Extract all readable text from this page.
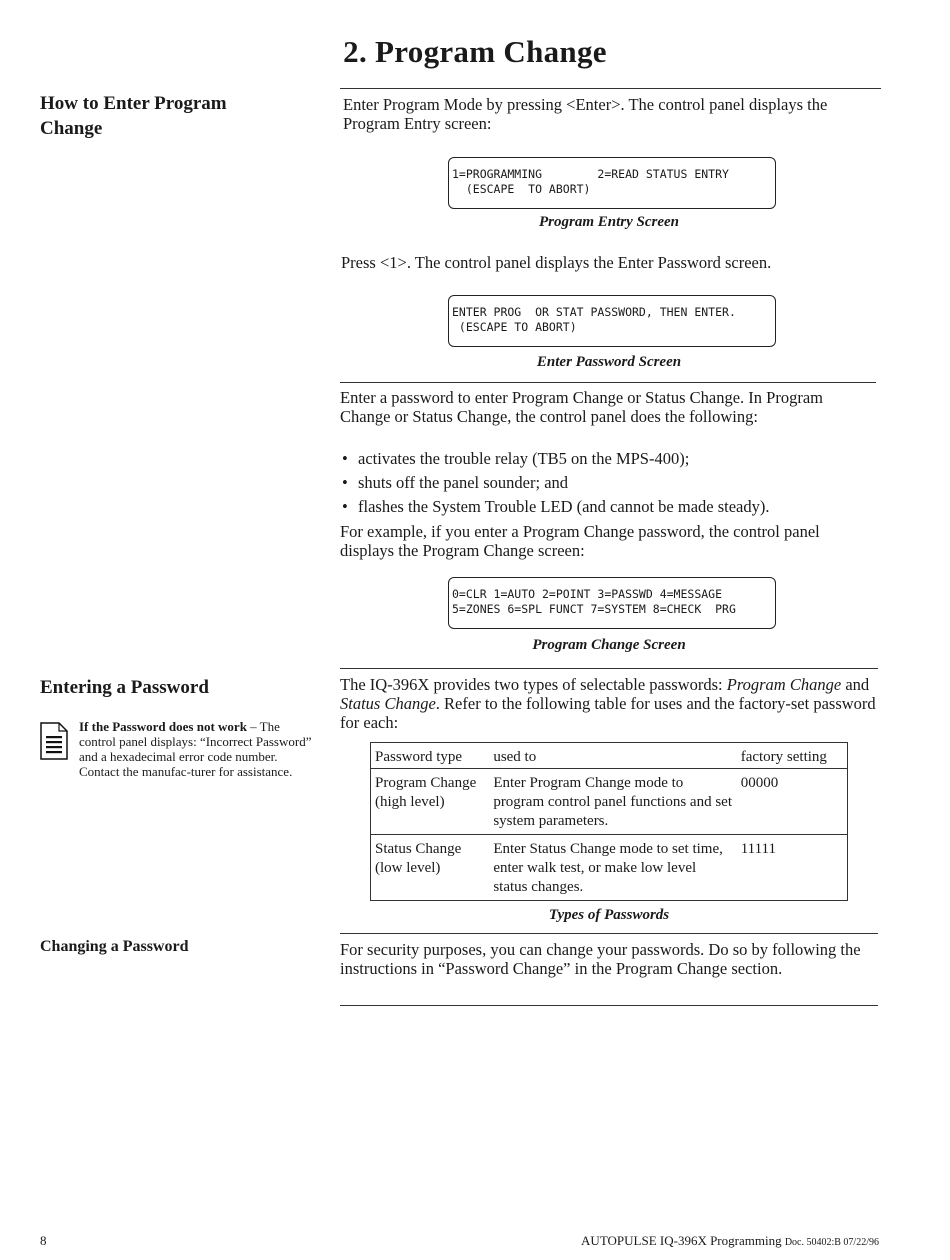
2. Program Change
How to Enter Program Change
Enter Program Mode by pressing <Enter>. The control panel displays the Program Entry screen:
1=PROGRAMMING        2=READ STATUS ENTRY
(ESCAPE  TO ABORT)
Program Entry Screen
Press <1>. The control panel displays the Enter Password screen.
ENTER PROG  OR STAT PASSWORD, THEN ENTER.
(ESCAPE TO ABORT)
Enter Password Screen
Enter a password to enter Program Change or Status Change. In Program Change or Status Change, the control panel does the following:
• activates the trouble relay (TB5 on the MPS-400);
• shuts off the panel sounder; and
• flashes the System Trouble LED (and cannot be made steady).
For example, if you enter a Program Change password, the control panel displays the Program Change screen:
0=CLR 1=AUTO 2=POINT 3=PASSWD 4=MESSAGE
5=ZONES 6=SPL FUNCT 7=SYSTEM 8=CHECK  PRG
Program Change Screen
Entering a Password
If the Password does not work – The control panel displays: “Incorrect Password” and a hexadecimal error code number. Contact the manufac-turer for assistance.
The IQ-396X provides two types of selectable passwords: Program Change and Status Change. Refer to the following table for uses and the factory-set password for each:
Password type	used to	factory setting
Program Change (high level)	Enter Program Change mode to program control panel functions and set system parameters.	00000
Status Change (low level)	Enter Status Change mode to set time, enter walk test, or make low level status changes.	11111
Types of Passwords
Changing a Password	For security purposes, you can change your passwords. Do so by following the instructions in “Password Change” in the Program Change section.
8	AUTOPULSE IQ-396X Programming Doc. 50402:B 07/22/96
